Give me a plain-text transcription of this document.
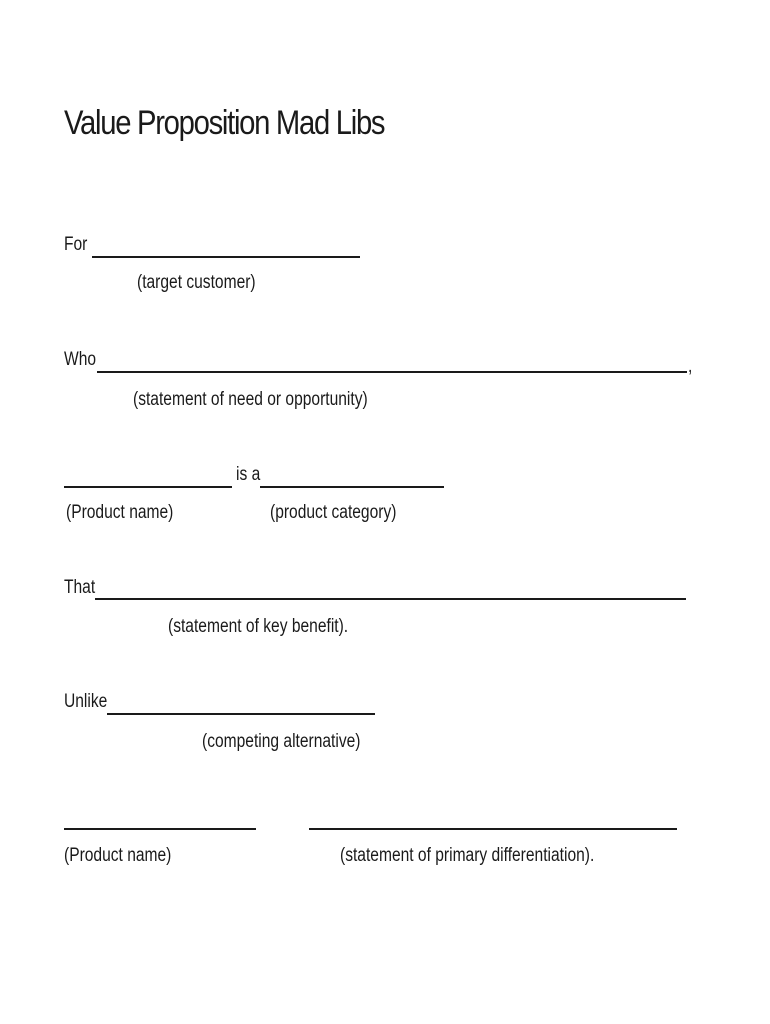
Value Proposition Mad Libs
For
(target customer)
Who	,
(statement of need or opportunity)
is a
(Product name)	(product category)
That
(statement of key benefit).
Unlike
(competing alternative)
(Product name)	(statement of primary differentiation).
